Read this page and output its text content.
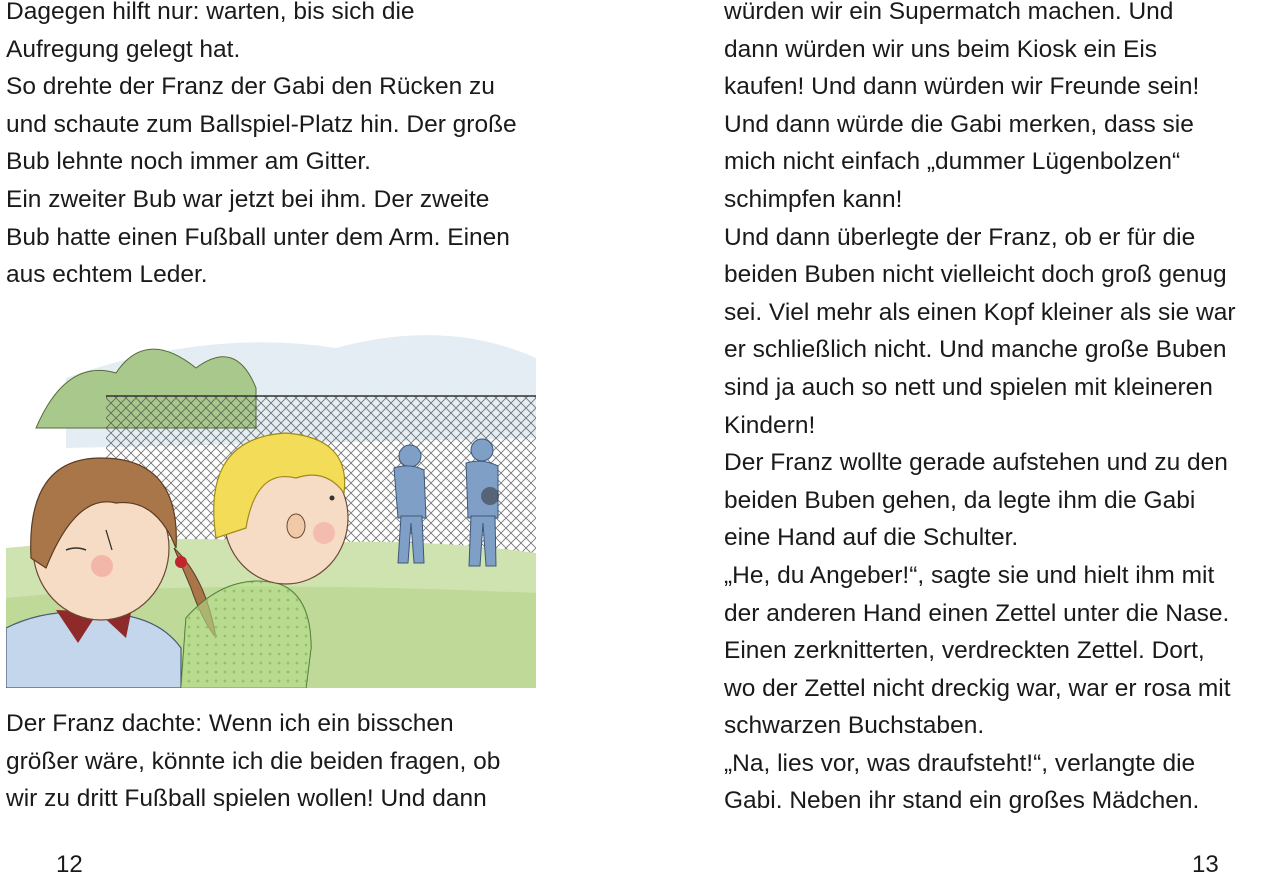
Dagegen hilft nur: warten, bis sich die
Aufregung gelegt hat.
So drehte der Franz der Gabi den Rücken zu
und schaute zum Ballspiel-Platz hin. Der große
Bub lehnte noch immer am Gitter.
Ein zweiter Bub war jetzt bei ihm. Der zweite
Bub hatte einen Fußball unter dem Arm. Einen
aus echtem Leder.
Der Franz dachte: Wenn ich ein bisschen
größer wäre, könnte ich die beiden fragen, ob
wir zu dritt Fußball spielen wollen! Und dann
12
würden wir ein Supermatch machen. Und
dann würden wir uns beim Kiosk ein Eis
kaufen! Und dann würden wir Freunde sein!
Und dann würde die Gabi merken, dass sie
mich nicht einfach „dummer Lügenbolzen“
schimpfen kann!
Und dann überlegte der Franz, ob er für die
beiden Buben nicht vielleicht doch groß genug
sei. Viel mehr als einen Kopf kleiner als sie war
er schließlich nicht. Und manche große Buben
sind ja auch so nett und spielen mit kleineren
Kindern!
Der Franz wollte gerade aufstehen und zu den
beiden Buben gehen, da legte ihm die Gabi
eine Hand auf die Schulter.
„He, du Angeber!“, sagte sie und hielt ihm mit
der anderen Hand einen Zettel unter die Nase.
Einen zerknitterten, verdreckten Zettel. Dort,
wo der Zettel nicht dreckig war, war er rosa mit
schwarzen Buchstaben.
„Na, lies vor, was draufsteht!“, verlangte die
Gabi. Neben ihr stand ein großes Mädchen.
13
